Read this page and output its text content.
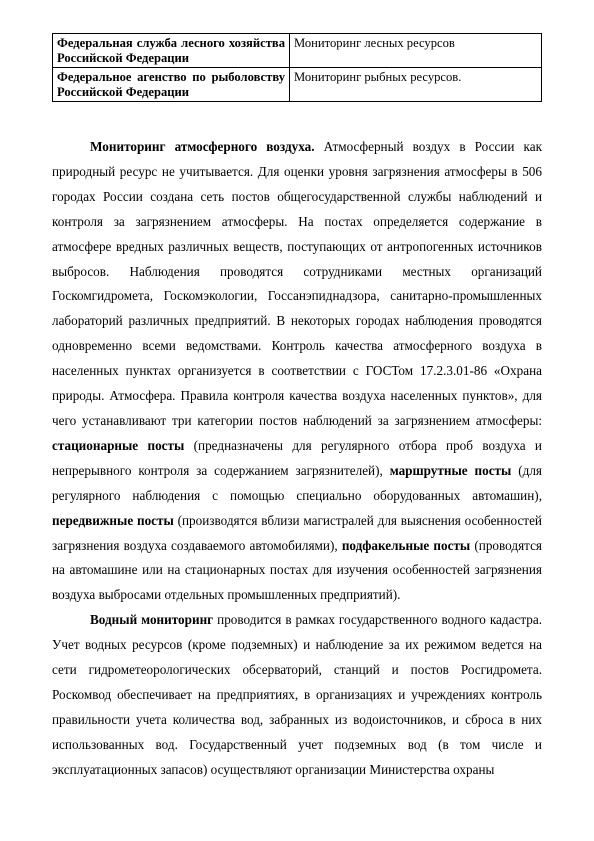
Федеральная служба лесного хозяйства Российской Федерации	Мониторинг лесных ресурсов
Федеральное агенство по рыболовству Российской Федерации	Мониторинг рыбных ресурсов.

Мониторинг атмосферного воздуха. Атмосферный воздух в России как природный ресурс не учитывается. Для оценки уровня загрязнения атмосферы в 506 городах России создана сеть постов общегосударственной службы наблюдений и контроля за загрязнением атмосферы. На постах определяется содержание в атмосфере вредных различных веществ, поступающих от антропогенных источников выбросов. Наблюдения проводятся сотрудниками местных организаций Госкомгидромета, Госкомэкологии, Госсанэпиднадзора, санитарно-промышленных лабораторий различных предприятий. В некоторых городах наблюдения проводятся одновременно всеми ведомствами. Контроль качества атмосферного воздуха в населенных пунктах организуется в соответствии с ГОСТом 17.2.3.01-86 «Охрана природы. Атмосфера. Правила контроля качества воздуха населенных пунктов», для чего устанавливают три категории постов наблюдений за загрязнением атмосферы: стационарные посты (предназначены для регулярного отбора проб воздуха и непрерывного контроля за содержанием загрязнителей), маршрутные посты (для регулярного наблюдения с помощью специально оборудованных автомашин), передвижные посты (производятся вблизи магистралей для выяснения особенностей загрязнения воздуха создаваемого автомобилями), подфакельные посты (проводятся на автомашине или на стационарных постах для изучения особенностей загрязнения воздуха выбросами отдельных промышленных предприятий).

Водный мониторинг проводится в рамках государственного водного кадастра. Учет водных ресурсов (кроме подземных) и наблюдение за их режимом ведется на сети гидрометеорологических обсерваторий, станций и постов Росгидромета. Роскомвод обеспечивает на предприятиях, в организациях и учреждениях контроль правильности учета количества вод, забранных из водоисточников, и сброса в них использованных вод. Государственный учет подземных вод (в том числе и эксплуатационных запасов) осуществляют организации Министерства охраны
